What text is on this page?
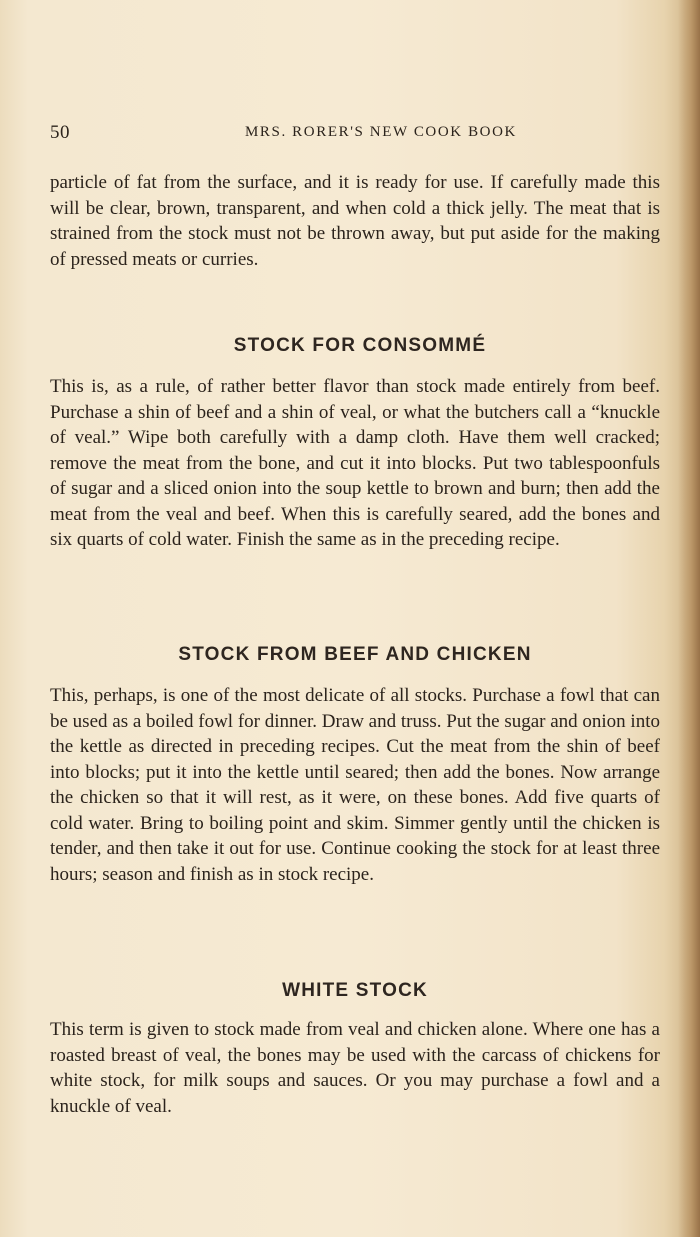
50	MRS. RORER'S NEW COOK BOOK

particle of fat from the surface, and it is ready for use. If carefully made this will be clear, brown, transparent, and when cold a thick jelly. The meat that is strained from the stock must not be thrown away, but put aside for the making of pressed meats or curries.

STOCK FOR CONSOMMÉ

This is, as a rule, of rather better flavor than stock made entirely from beef. Purchase a shin of beef and a shin of veal, or what the butchers call a “knuckle of veal.” Wipe both carefully with a damp cloth. Have them well cracked; remove the meat from the bone, and cut it into blocks. Put two tablespoonfuls of sugar and a sliced onion into the soup kettle to brown and burn; then add the meat from the veal and beef. When this is carefully seared, add the bones and six quarts of cold water. Finish the same as in the preceding recipe.

STOCK FROM BEEF AND CHICKEN

This, perhaps, is one of the most delicate of all stocks. Purchase a fowl that can be used as a boiled fowl for dinner. Draw and truss. Put the sugar and onion into the kettle as directed in preceding recipes. Cut the meat from the shin of beef into blocks; put it into the kettle until seared; then add the bones. Now arrange the chicken so that it will rest, as it were, on these bones. Add five quarts of cold water. Bring to boiling point and skim. Simmer gently until the chicken is tender, and then take it out for use. Continue cooking the stock for at least three hours; season and finish as in stock recipe.

WHITE STOCK

This term is given to stock made from veal and chicken alone. Where one has a roasted breast of veal, the bones may be used with the carcass of chickens for white stock, for milk soups and sauces. Or you may purchase a fowl and a knuckle of veal.
